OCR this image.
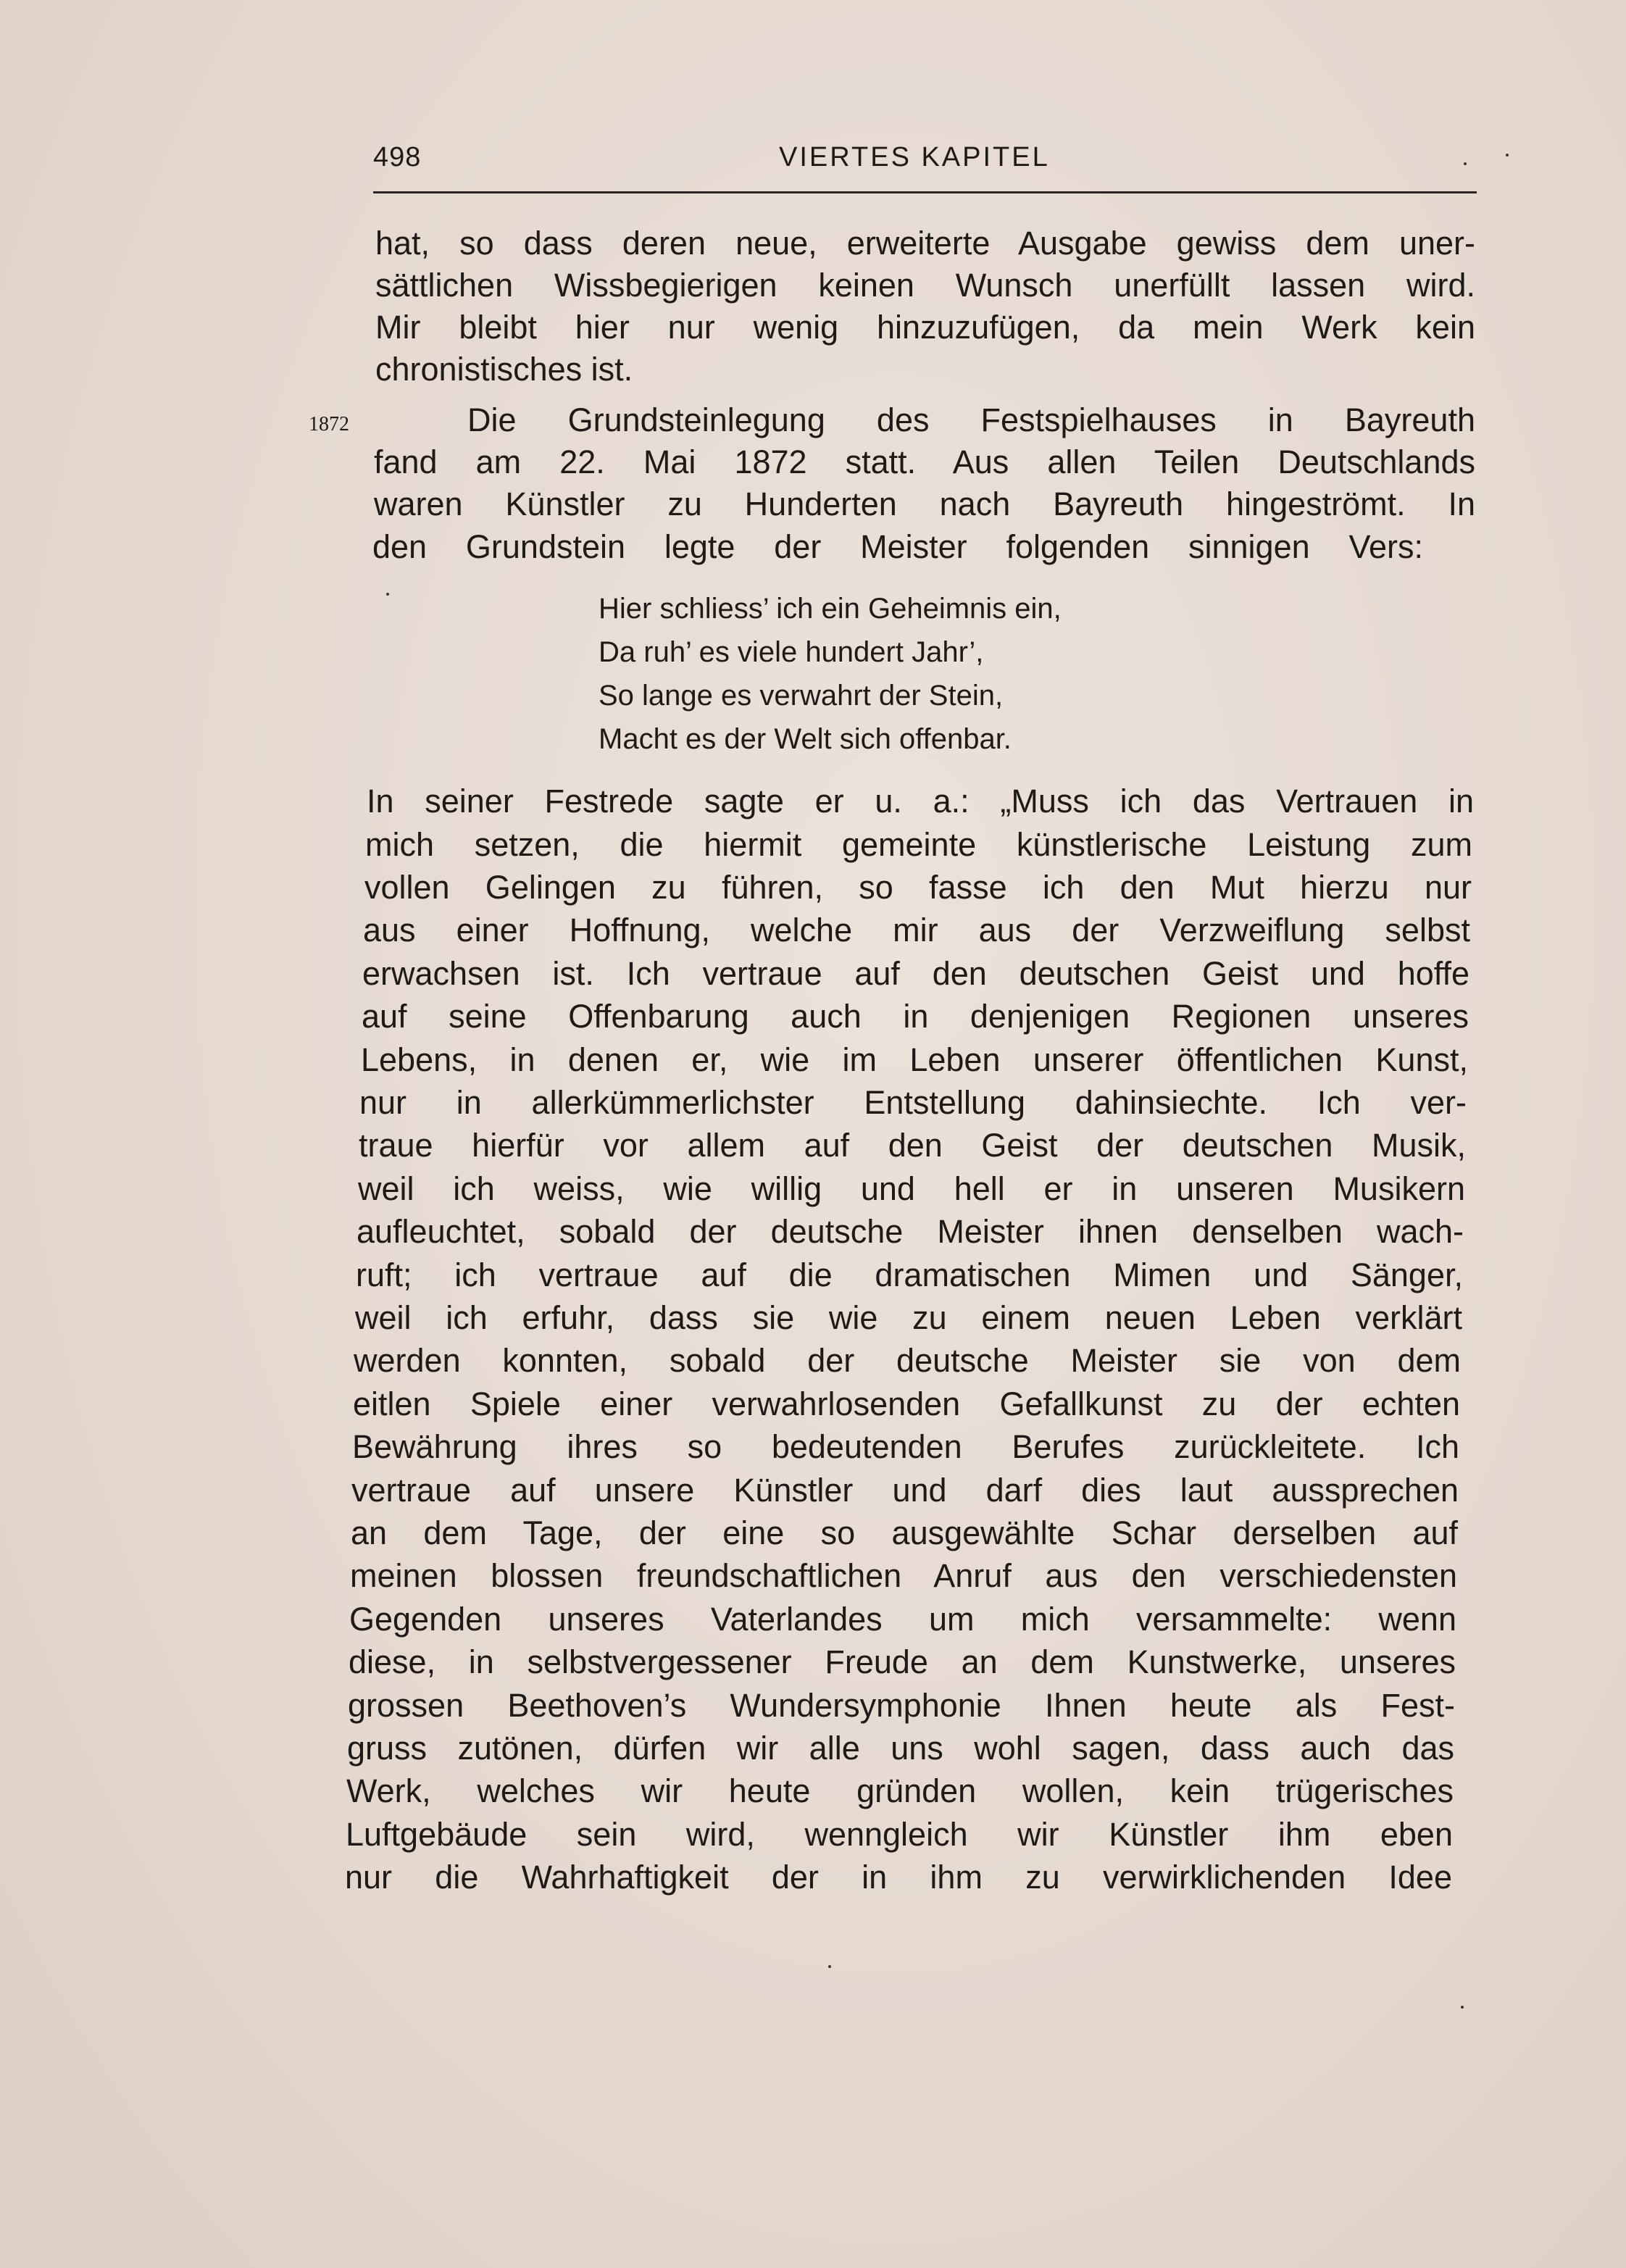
498	VIERTES KAPITEL
1872
hat, so dass deren neue, erweiterte Ausgabe gewiss dem uner-
sättlichen Wissbegierigen keinen Wunsch unerfüllt lassen wird.
Mir bleibt hier nur wenig hinzuzufügen, da mein Werk kein
chronistisches ist.
Die Grundsteinlegung des Festspielhauses in Bayreuth
fand am 22. Mai 1872 statt. Aus allen Teilen Deutschlands
waren Künstler zu Hunderten nach Bayreuth hingeströmt. In
den Grundstein legte der Meister folgenden sinnigen Vers:
Hier schliess’ ich ein Geheimnis ein,
Da ruh’ es viele hundert Jahr’,
So lange es verwahrt der Stein,
Macht es der Welt sich offenbar.
In seiner Festrede sagte er u. a.: „Muss ich das Vertrauen in
mich setzen, die hiermit gemeinte künstlerische Leistung zum
vollen Gelingen zu führen, so fasse ich den Mut hierzu nur
aus einer Hoffnung, welche mir aus der Verzweiflung selbst
erwachsen ist. Ich vertraue auf den deutschen Geist und hoffe
auf seine Offenbarung auch in denjenigen Regionen unseres
Lebens, in denen er, wie im Leben unserer öffentlichen Kunst,
nur in allerkümmerlichster Entstellung dahinsiechte. Ich ver-
traue hierfür vor allem auf den Geist der deutschen Musik,
weil ich weiss, wie willig und hell er in unseren Musikern
aufleuchtet, sobald der deutsche Meister ihnen denselben wach-
ruft; ich vertraue auf die dramatischen Mimen und Sänger,
weil ich erfuhr, dass sie wie zu einem neuen Leben verklärt
werden konnten, sobald der deutsche Meister sie von dem
eitlen Spiele einer verwahrlosenden Gefallkunst zu der echten
Bewährung ihres so bedeutenden Berufes zurückleitete. Ich
vertraue auf unsere Künstler und darf dies laut aussprechen
an dem Tage, der eine so ausgewählte Schar derselben auf
meinen blossen freundschaftlichen Anruf aus den verschiedensten
Gegenden unseres Vaterlandes um mich versammelte: wenn
diese, in selbstvergessener Freude an dem Kunstwerke, unseres
grossen Beethoven’s Wundersymphonie Ihnen heute als Fest-
gruss zutönen, dürfen wir alle uns wohl sagen, dass auch das
Werk, welches wir heute gründen wollen, kein trügerisches
Luftgebäude sein wird, wenngleich wir Künstler ihm eben
nur die Wahrhaftigkeit der in ihm zu verwirklichenden Idee
